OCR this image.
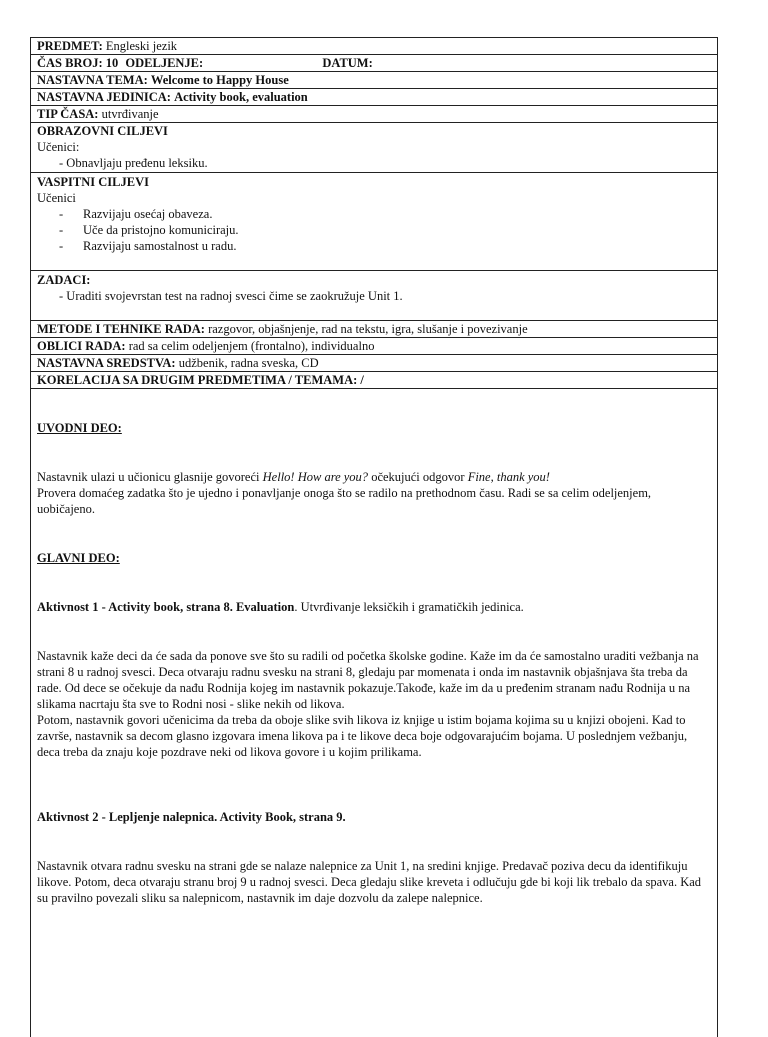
PREDMET: Engleski jezik
ČAS BROJ: 10 ODELJENJE:	DATUM:
NASTAVNA TEMA: Welcome to Happy House
NASTAVNA JEDINICA: Activity book, evaluation
TIP ČASA: utvrđivanje
OBRAZOVNI CILJEVI
Učenici:
- Obnavljaju pređenu leksiku.
VASPITNI CILJEVI
Učenici
- Razvijaju osećaj obaveza.
- Uče da pristojno komuniciraju.
- Razvijaju samostalnost u radu.
ZADACI:
- Uraditi svojevrstan test na radnoj svesci čime se zaokružuje Unit 1.
METODE I TEHNIKE RADA: razgovor, objašnjenje, rad na tekstu, igra, slušanje i povezivanje
OBLICI RADA: rad sa celim odeljenjem (frontalno), individualno
NASTAVNA SREDSTVA: udžbenik, radna sveska, CD
KORELACIJA SA DRUGIM PREDMETIMA / TEMAMA: /
UVODNI DEO:

Nastavnik ulazi u učionicu glasnije govoreći Hello! How are you? očekujući odgovor Fine, thank you!

Provera domaćeg zadatka što je ujedno i ponavljanje onoga što se radilo na prethodnom času. Radi se sa celim odeljenjem, uobičajeno.

GLAVNI DEO:

Aktivnost 1 - Activity book, strana 8. Evaluation. Utvrđivanje leksičkih i gramatičkih jedinica.

Nastavnik kaže deci da će sada da ponove sve što su radili od početka školske godine. Kaže im da će samostalno uraditi vežbanja na strani 8 u radnoj svesci. Deca otvaraju radnu svesku na strani 8, gledaju par momenata i onda im nastavnik objašnjava šta treba da rade. Od dece se očekuje da nađu Rodnija kojeg im nastavnik pokazuje.Takođe, kaže im da u pređenim stranam nađu Rodnija u na slikama nacrtaju šta sve to Rodni nosi - slike nekih od likova.

Potom, nastavnik govori učenicima da treba da oboje slike svih likova iz knjige u istim bojama kojima su u knjizi obojeni. Kad to završe, nastavnik sa decom glasno izgovara imena likova pa i te likove deca boje odgovarajućim bojama. U poslednjem vežbanju, deca treba da znaju koje pozdrave neki od likova govore i u kojim prilikama.

Aktivnost 2 - Lepljenje nalepnica. Activity Book, strana 9.

Nastavnik otvara radnu svesku na strani gde se nalaze nalepnice za Unit 1, na sredini knjige. Predavač poziva decu da identifikuju likove. Potom, deca otvaraju stranu broj 9 u radnoj svesci. Deca gledaju slike kreveta i odlučuju gde bi koji lik trebalo da spava. Kad su pravilno povezali sliku sa nalepnicom, nastavnik im daje dozvolu da zalepe nalepnice.
